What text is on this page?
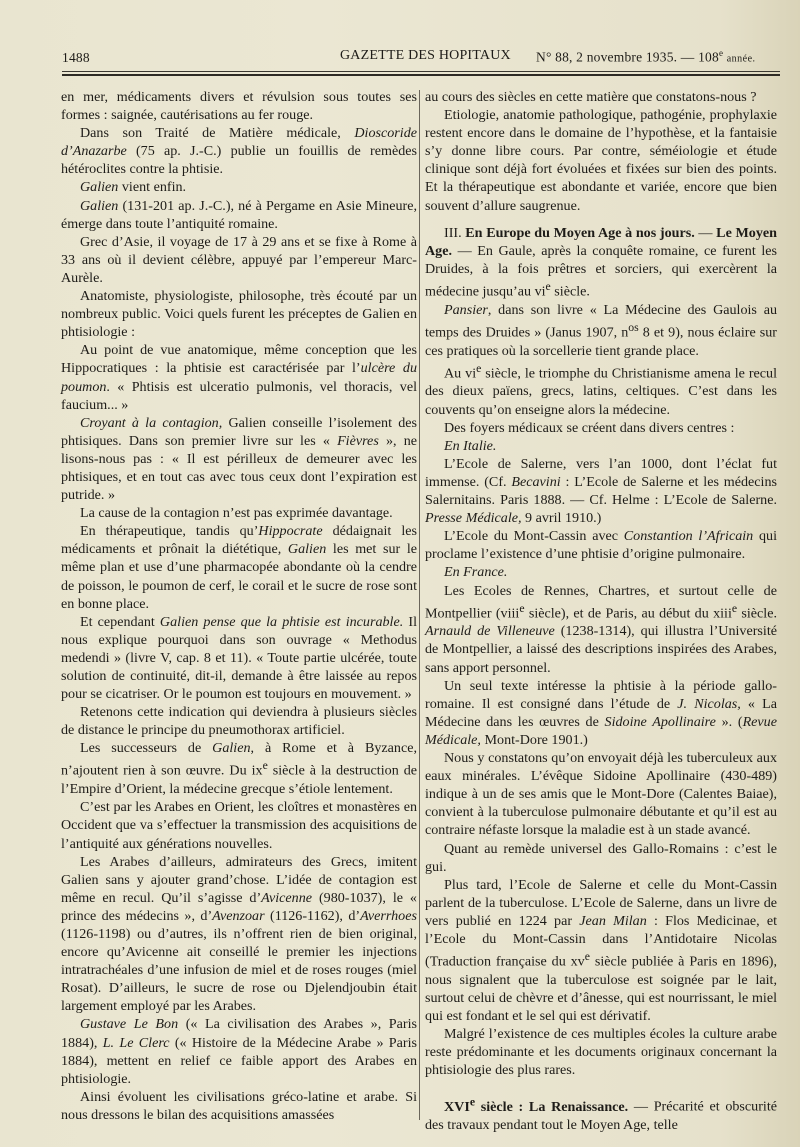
1488	GAZETTE DES HOPITAUX N° 88, 2 novembre 1935. — 108e année.

en mer, médicaments divers et révulsion sous toutes ses formes : saignée, cautérisations au fer rouge.

Dans son Traité de Matière médicale, Dioscoride d’Anazarbe (75 ap. J.-C.) publie un fouillis de remèdes hétéroclites contre la phtisie.

Galien vient enfin.

Galien (131-201 ap. J.-C.), né à Pergame en Asie Mineure, émerge dans toute l’antiquité romaine.

Grec d’Asie, il voyage de 17 à 29 ans et se fixe à Rome à 33 ans où il devient célèbre, appuyé par l’empereur Marc-Aurèle.

Anatomiste, physiologiste, philosophe, très écouté par un nombreux public. Voici quels furent les préceptes de Galien en phtisiologie :

Au point de vue anatomique, même conception que les Hippocratiques : la phtisie est caractérisée par l’ulcère du poumon. « Phtisis est ulceratio pulmonis, vel thoracis, vel faucium... »

Croyant à la contagion, Galien conseille l’isolement des phtisiques. Dans son premier livre sur les « Fièvres », ne lisons-nous pas : « Il est périlleux de demeurer avec les phtisiques, et en tout cas avec tous ceux dont l’expiration est putride. »

La cause de la contagion n’est pas exprimée davantage.

En thérapeutique, tandis qu’Hippocrate dédaignait les médicaments et prônait la diététique, Galien les met sur le même plan et use d’une pharmacopée abondante où la cendre de poisson, le poumon de cerf, le corail et le sucre de rose sont en bonne place.

Et cependant Galien pense que la phtisie est incurable. Il nous explique pourquoi dans son ouvrage « Methodus medendi » (livre V, cap. 8 et 11). « Toute partie ulcérée, toute solution de continuité, dit-il, demande à être laissée au repos pour se cicatriser. Or le poumon est toujours en mouvement. »

Retenons cette indication qui deviendra à plusieurs siècles de distance le principe du pneumothorax artificiel.

Les successeurs de Galien, à Rome et à Byzance, n’ajoutent rien à son œuvre. Du $ix^e$ siècle à la destruction de l’Empire d’Orient, la médecine grecque s’étiole lentement.

C’est par les Arabes en Orient, les cloîtres et monastères en Occident que va s’effectuer la transmission des acquisitions de l’antiquité aux générations nouvelles.

Les Arabes d’ailleurs, admirateurs des Grecs, imitent Galien sans y ajouter grand’chose. L’idée de contagion est même en recul. Qu’il s’agisse d’Avicenne (980-1037), le « prince des médecins », d’Avenzoar (1126-1162), d’Averrhoes (1126-1198) ou d’autres, ils n’offrent rien de bien original, encore qu’Avicenne ait conseillé le premier les injections intratrachéales d’une infusion de miel et de roses rouges (miel Rosat). D’ailleurs, le sucre de rose ou Djelendjoubin était largement employé par les Arabes.

Gustave Le Bon (« La civilisation des Arabes », Paris 1884), L. Le Clerc (« Histoire de la Médecine Arabe » Paris 1884), mettent en relief ce faible apport des Arabes en phtisiologie.

Ainsi évoluent les civilisations gréco-latine et arabe. Si nous dressons le bilan des acquisitions amassées

au cours des siècles en cette matière que constatons-nous ?

Etiologie, anatomie pathologique, pathogénie, prophylaxie restent encore dans le domaine de l’hypothèse, et la fantaisie s’y donne libre cours. Par contre, séméiologie et étude clinique sont déjà fort évoluées et fixées sur bien des points. Et la thérapeutique est abondante et variée, encore que bien souvent d’allure saugrenue.

III. En Europe du Moyen Age à nos jours. — Le Moyen Age. — En Gaule, après la conquête romaine, ce furent les Druides, à la fois prêtres et sorciers, qui exercèrent la médecine jusqu’au $vi^e$ siècle.

Pansier, dans son livre « La Médecine des Gaulois au temps des Druides » (Janus 1907, $n^{os}$ 8 et 9), nous éclaire sur ces pratiques où la sorcellerie tient grande place.

Au $vi^e$ siècle, le triomphe du Christianisme amena le recul des dieux païens, grecs, latins, celtiques. C’est dans les couvents qu’on enseigne alors la médecine.

Des foyers médicaux se créent dans divers centres :

En Italie.

L’Ecole de Salerne, vers l’an 1000, dont l’éclat fut immense. (Cf. Becavini : L’Ecole de Salerne et les médecins Salernitains. Paris 1888. — Cf. Helme : L’Ecole de Salerne. Presse Médicale, 9 avril 1910.)

L’Ecole du Mont-Cassin avec Constantion l’Africain qui proclame l’existence d’une phtisie d’origine pulmonaire.

En France.

Les Ecoles de Rennes, Chartres, et surtout celle de Montpellier (viii$^e$ siècle), et de Paris, au début du xiii$^e$ siècle. Arnauld de Villeneuve (1238-1314), qui illustra l’Université de Montpellier, a laissé des descriptions inspirées des Arabes, sans apport personnel.

Un seul texte intéresse la phtisie à la période gallo-romaine. Il est consigné dans l’étude de J. Nicolas, « La Médecine dans les œuvres de Sidoine Apollinaire ». (Revue Médicale, Mont-Dore 1901.)

Nous y constatons qu’on envoyait déjà les tuberculeux aux eaux minérales. L’évêque Sidoine Apollinaire (430-489) indique à un de ses amis que le Mont-Dore (Calentes Baiae), convient à la tuberculose pulmonaire débutante et qu’il est au contraire néfaste lorsque la maladie est à un stade avancé.

Quant au remède universel des Gallo-Romains : c’est le gui.

Plus tard, l’Ecole de Salerne et celle du Mont-Cassin parlent de la tuberculose. L’Ecole de Salerne, dans un livre de vers publié en 1224 par Jean Milan : Flos Medicinae, et l’Ecole du Mont-Cassin dans l’Antidotaire Nicolas (Traduction française du $xv^e$ siècle publiée à Paris en 1896), nous signalent que la tuberculose est soignée par le lait, surtout celui de chèvre et d’ânesse, qui est nourrissant, le miel qui est fondant et le sel qui est dérivatif.

Malgré l’existence de ces multiples écoles la culture arabe reste prédominante et les documents originaux concernant la phtisiologie des plus rares.

XVIe siècle : La Renaissance. — Précarité et obscurité des travaux pendant tout le Moyen Age, telle
